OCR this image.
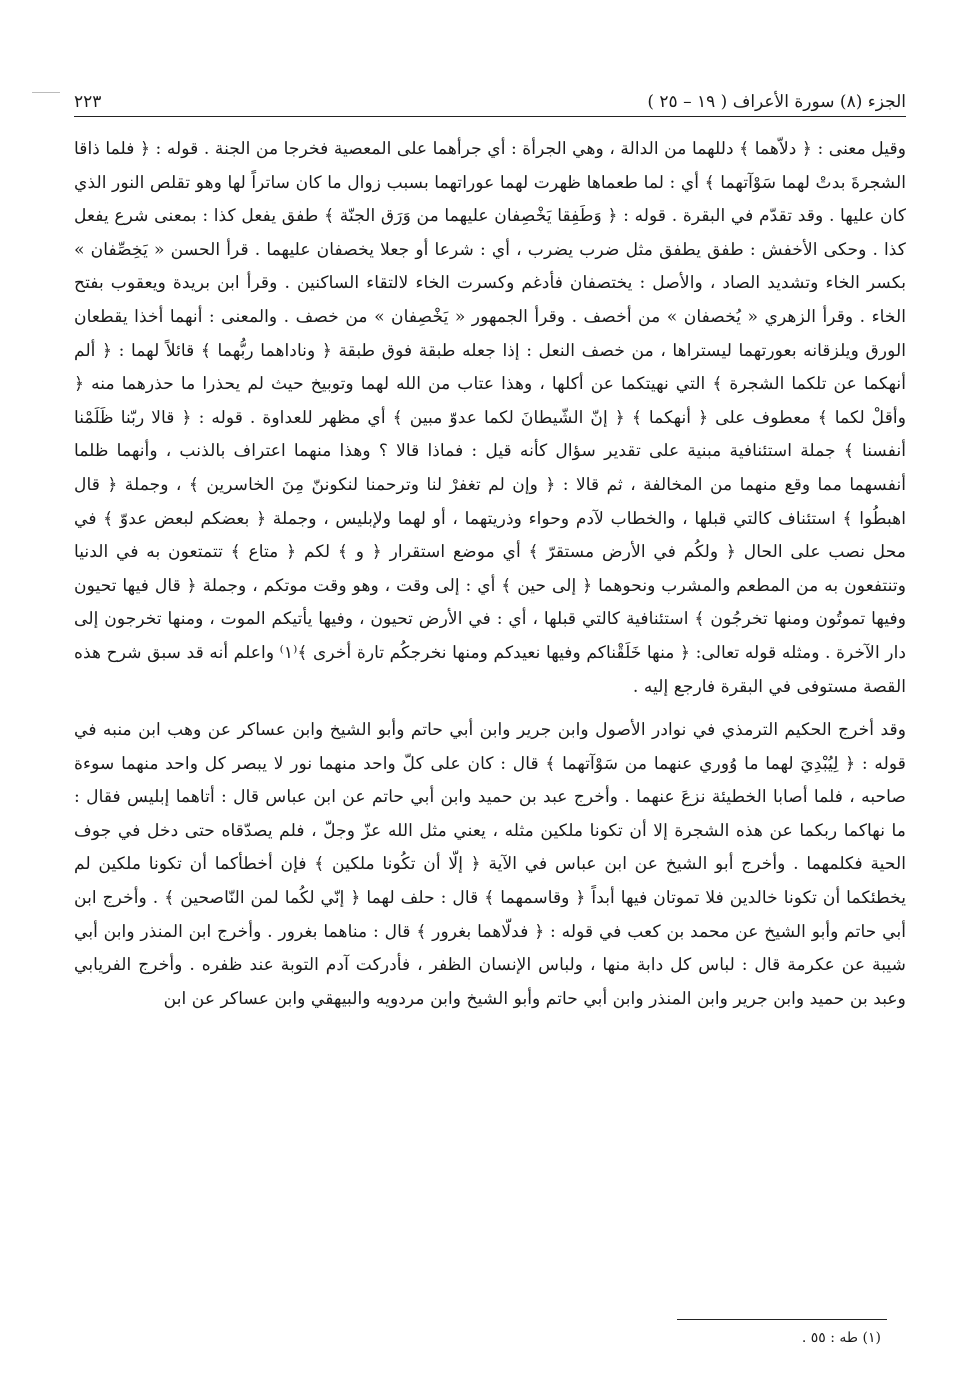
الجزء (٨) سورة الأعراف ( ١٩ – ٢٥ )
٢٢٣

وقيل معنى : ﴿ دلاّهما ﴾ دللهما من الدالة ، وهي الجرأة : أي جرأهما على المعصية فخرجا من الجنة . قوله : ﴿ فلما ذاقا الشجرةَ بدتْ لهما سَوْآتهما ﴾ أي : لما طعماها ظهرت لهما عوراتهما بسبب زوال ما كان ساتراً لها وهو تقلص النور الذي كان عليها . وقد تقدّم في البقرة . قوله : ﴿ وَطَفِقا يَخْصِفان عليهما من وَرَق الجنّة ﴾ طفق يفعل كذا : بمعنى شرع يفعل كذا . وحكى الأخفش : طفق يطفق مثل ضرب يضرب ، أي : شرعا أو جعلا يخصفان عليهما . قرأ الحسن « يَخِصِّفان » بكسر الخاء وتشديد الصاد ، والأصل : يختصفان فأدغم وكسرت الخاء لالتقاء الساكنين . وقرأ ابن بريدة ويعقوب بفتح الخاء . وقرأ الزهري « يُخصفان » من أخصف . وقرأ الجمهور « يَخْصِفان » من خصف . والمعنى : أنهما أخذا يقطعان الورق ويلزقانه بعورتهما ليستراها ، من خصف النعل : إذا جعله طبقة فوق طبقة ﴿ وناداهما ربُّهما ﴾ قائلاً لهما : ﴿ ألم أنهكما عن تلكما الشجرة ﴾ التي نهيتكما عن أكلها ، وهذا عتاب من الله لهما وتوبيخ حيث لم يحذرا ما حذرهما منه ﴿ وأقلْ لكما ﴾ معطوف على ﴿ أنهكما ﴾ ﴿ إنّ الشّيطانَ لكما عدوّ مبين ﴾ أي مظهر للعداوة . قوله : ﴿ قالا ربّنا ظَلَمْنا أنفسنا ﴾ جملة استئنافية مبنية على تقدير سؤال كأنه قيل : فماذا قالا ؟ وهذا منهما اعتراف بالذنب ، وأنهما ظلما أنفسهما مما وقع منهما من المخالفة ، ثم قالا : ﴿ وإن لم تغفرْ لنا وترحمنا لنكوننّ مِنَ الخاسرين ﴾ ، وجملة ﴿ قال اهبطُوا ﴾ استئناف كالتي قبلها ، والخطاب لآدم وحواء وذريتهما ، أو لهما ولإبليس ، وجملة ﴿ بعضكم لبعض عدوّ ﴾ في محل نصب على الحال ﴿ ولكُم في الأرض مستقرّ ﴾ أي موضع استقرار ﴿ و ﴾ لكم ﴿ متاع ﴾ تتمتعون به في الدنيا وتنتفعون به من المطعم والمشرب ونحوهما ﴿ إلى حين ﴾ أي : إلى وقت ، وهو وقت موتكم ، وجملة ﴿ قال فيها تحيون وفيها تموتُون ومنها تخرجُون ﴾ استئنافية كالتي قبلها ، أي : في الأرض تحيون ، وفيها يأتيكم الموت ، ومنها تخرجون إلى دار الآخرة . ومثله قوله تعالى: ﴿ منها خَلَقْناكم وفيها نعيدكم ومنها نخرجكُم تارة أخرى ﴾⁽١⁾ واعلم أنه قد سبق شرح هذه القصة مستوفى في البقرة فارجع إليه .

وقد أخرج الحكيم الترمذي في نوادر الأصول وابن جرير وابن أبي حاتم وأبو الشيخ وابن عساكر عن وهب ابن منبه في قوله : ﴿ لِيُبْدِيَ لهما ما وُوري عنهما من سَوْآتهما ﴾ قال : كان على كلّ واحد منهما نور لا يبصر كل واحد منهما سوءة صاحبه ، فلما أصابا الخطيئة نزعَ عنهما . وأخرج عبد بن حميد وابن أبي حاتم عن ابن عباس قال : أتاهما إبليس فقال : ما نهاكما ربكما عن هذه الشجرة إلا أن تكونا ملكين مثله ، يعني مثل الله عزّ وجلّ ، فلم يصدّقاه حتى دخل في جوف الحية فكلمهما . وأخرج أبو الشيخ عن ابن عباس في الآية ﴿ إلّا أن تكُونا ملكين ﴾ فإن أخطأكما أن تكونا ملكين لم يخطئكما أن تكونا خالدين فلا تموتان فيها أبداً ﴿ وقاسمهما ﴾ قال : حلف لهما ﴿ إنّي لكُما لمن النّاصحين ﴾ . وأخرج ابن أبي حاتم وأبو الشيخ عن محمد بن كعب في قوله : ﴿ فدلّاهما بغرور ﴾ قال : مناهما بغرور . وأخرج ابن المنذر وابن أبي شيبة عن عكرمة قال : لباس كل دابة منها ، ولباس الإنسان الظفر ، فأدركت آدم التوبة عند ظفره . وأخرج الفريابي وعبد بن حميد وابن جرير وابن المنذر وابن أبي حاتم وأبو الشيخ وابن مردويه والبيهقي وابن عساكر عن ابن

(١) طه : ٥٥ .
